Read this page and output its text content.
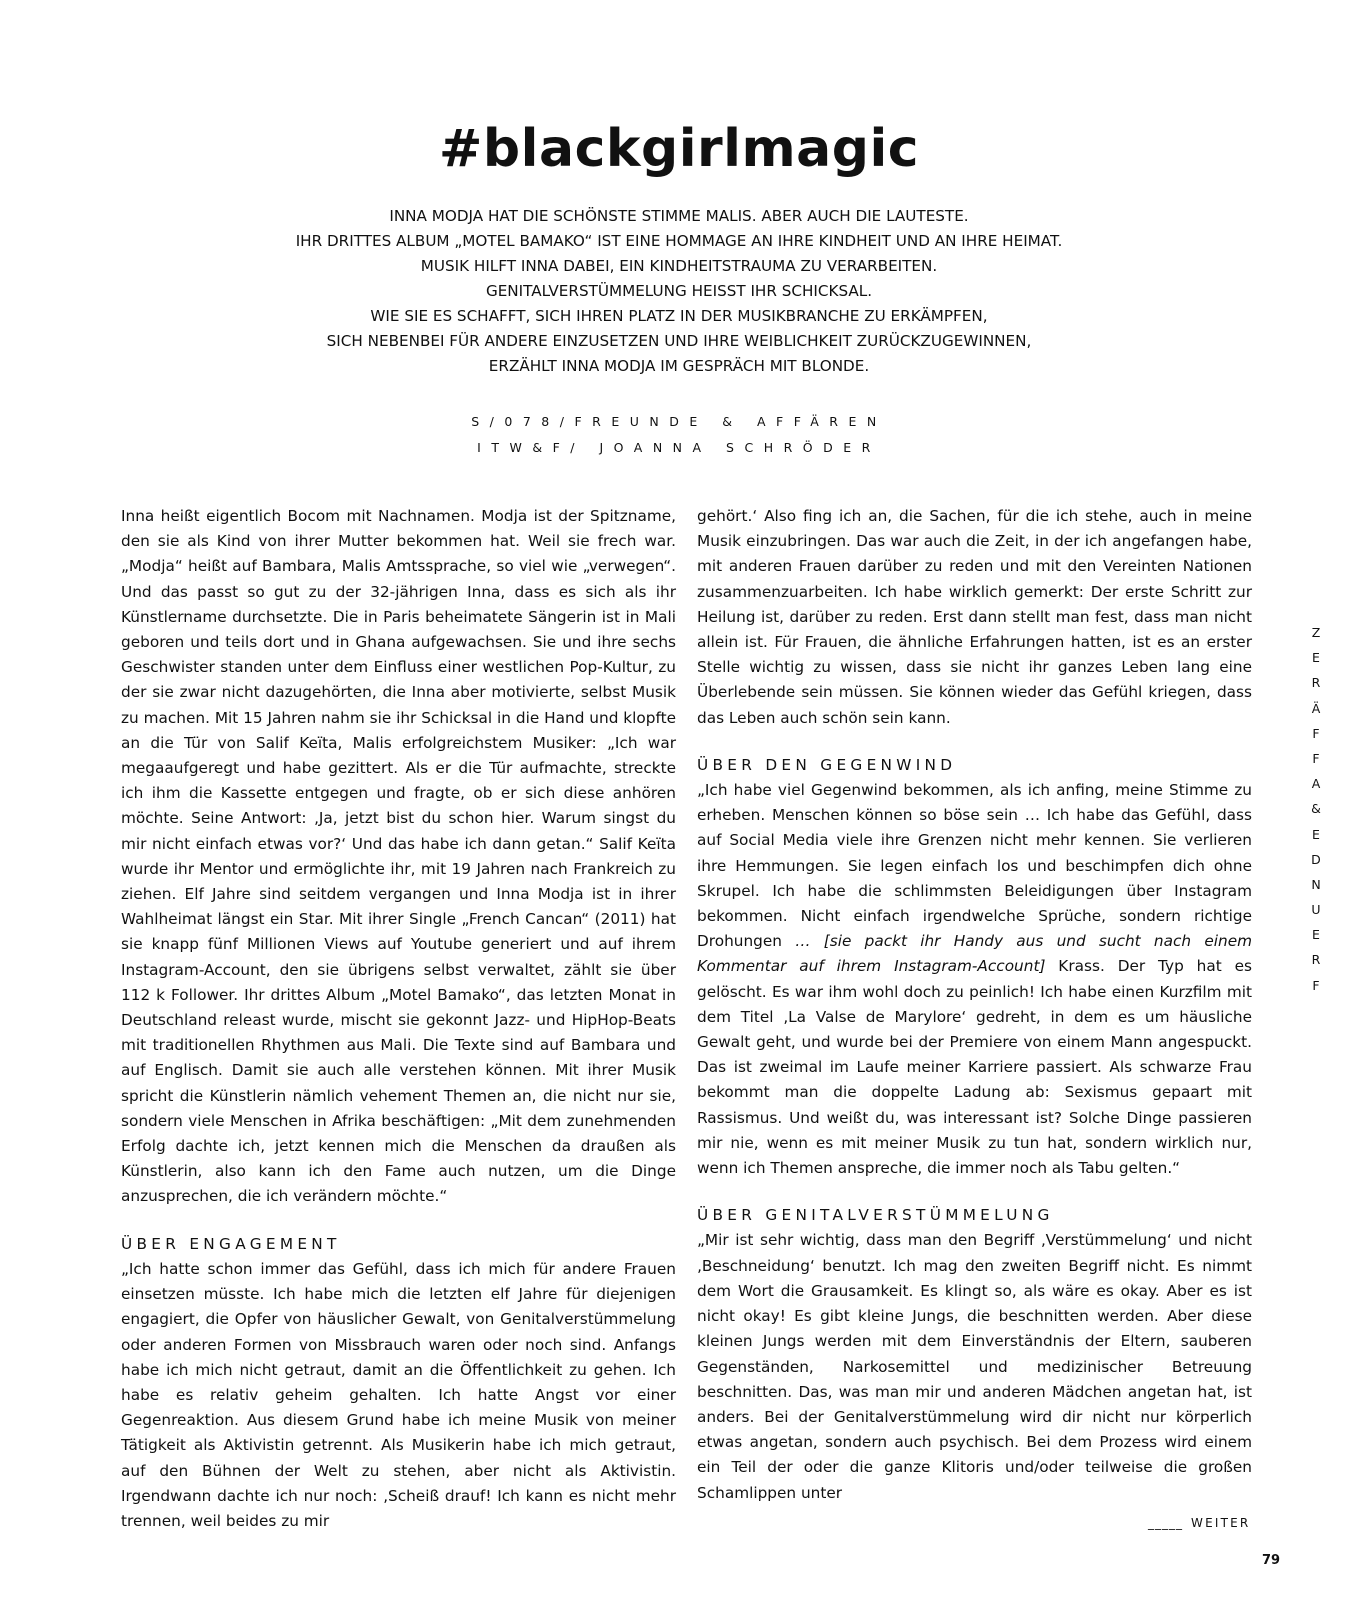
#blackgirlmagic
INNA MODJA HAT DIE SCHÖNSTE STIMME MALIS. ABER AUCH DIE LAUTESTE.
IHR DRITTES ALBUM „MOTEL BAMAKO“ IST EINE HOMMAGE AN IHRE KINDHEIT UND AN IHRE HEIMAT.
MUSIK HILFT INNA DABEI, EIN KINDHEITSTRAUMA ZU VERARBEITEN.
GENITALVERSTÜMMELUNG HEISST IHR SCHICKSAL.
WIE SIE ES SCHAFFT, SICH IHREN PLATZ IN DER MUSIKBRANCHE ZU ERKÄMPFEN,
SICH NEBENBEI FÜR ANDERE EINZUSETZEN UND IHRE WEIBLICHKEIT ZURÜCKZUGEWINNEN,
ERZÄHLT INNA MODJA IM GESPRÄCH MIT BLONDE.
S/078/FREUNDE & AFFÄREN
ITW&F/ JOANNA SCHRÖDER

Inna heißt eigentlich Bocom mit Nachnamen. Modja ist der Spitzname, den sie als Kind von ihrer Mutter bekommen hat. Weil sie frech war. „Modja“ heißt auf Bambara, Malis Amtssprache, so viel wie „verwegen“. Und das passt so gut zu der 32-jährigen Inna, dass es sich als ihr Künstlername durchsetzte. Die in Paris beheimatete Sängerin ist in Mali geboren und teils dort und in Ghana aufgewachsen. Sie und ihre sechs Geschwister standen unter dem Einfluss einer westlichen Pop-Kultur, zu der sie zwar nicht dazugehörten, die Inna aber motivierte, selbst Musik zu machen. Mit 15 Jahren nahm sie ihr Schicksal in die Hand und klopfte an die Tür von Salif Keïta, Malis erfolgreichstem Musiker: „Ich war megaaufgeregt und habe gezittert. Als er die Tür aufmachte, streckte ich ihm die Kassette entgegen und fragte, ob er sich diese anhören möchte. Seine Antwort: ‚Ja, jetzt bist du schon hier. Warum singst du mir nicht einfach etwas vor?‘ Und das habe ich dann getan.“ Salif Keïta wurde ihr Mentor und ermöglichte ihr, mit 19 Jahren nach Frankreich zu ziehen. Elf Jahre sind seitdem vergangen und Inna Modja ist in ihrer Wahlheimat längst ein Star. Mit ihrer Single „French Cancan“ (2011) hat sie knapp fünf Millionen Views auf Youtube generiert und auf ihrem Instagram-Account, den sie übrigens selbst verwaltet, zählt sie über 112 k Follower. Ihr drittes Album „Motel Bamako“, das letzten Monat in Deutschland releast wurde, mischt sie gekonnt Jazz- und HipHop-Beats mit traditionellen Rhythmen aus Mali. Die Texte sind auf Bambara und auf Englisch. Damit sie auch alle verstehen können. Mit ihrer Musik spricht die Künstlerin nämlich vehement Themen an, die nicht nur sie, sondern viele Menschen in Afrika beschäftigen: „Mit dem zunehmenden Erfolg dachte ich, jetzt kennen mich die Menschen da draußen als Künstlerin, also kann ich den Fame auch nutzen, um die Dinge anzusprechen, die ich verändern möchte.“

ÜBER ENGAGEMENT

„Ich hatte schon immer das Gefühl, dass ich mich für andere Frauen einsetzen müsste. Ich habe mich die letzten elf Jahre für diejenigen engagiert, die Opfer von häuslicher Gewalt, von Genitalverstümmelung oder anderen Formen von Missbrauch waren oder noch sind. Anfangs habe ich mich nicht getraut, damit an die Öffentlichkeit zu gehen. Ich habe es relativ geheim gehalten. Ich hatte Angst vor einer Gegenreaktion. Aus diesem Grund habe ich meine Musik von meiner Tätigkeit als Aktivistin getrennt. Als Musikerin habe ich mich getraut, auf den Bühnen der Welt zu stehen, aber nicht als Aktivistin. Irgendwann dachte ich nur noch: ‚Scheiß drauf! Ich kann es nicht mehr trennen, weil beides zu mir

gehört.‘ Also fing ich an, die Sachen, für die ich stehe, auch in meine Musik einzubringen. Das war auch die Zeit, in der ich angefangen habe, mit anderen Frauen darüber zu reden und mit den Vereinten Nationen zusammenzuarbeiten. Ich habe wirklich gemerkt: Der erste Schritt zur Heilung ist, darüber zu reden. Erst dann stellt man fest, dass man nicht allein ist. Für Frauen, die ähnliche Erfahrungen hatten, ist es an erster Stelle wichtig zu wissen, dass sie nicht ihr ganzes Leben lang eine Überlebende sein müssen. Sie können wieder das Gefühl kriegen, dass das Leben auch schön sein kann.

ÜBER DEN GEGENWIND

„Ich habe viel Gegenwind bekommen, als ich anfing, meine Stimme zu erheben. Menschen können so böse sein … Ich habe das Gefühl, dass auf Social Media viele ihre Grenzen nicht mehr kennen. Sie verlieren ihre Hemmungen. Sie legen einfach los und beschimpfen dich ohne Skrupel. Ich habe die schlimmsten Beleidigungen über Instagram bekommen. Nicht einfach irgendwelche Sprüche, sondern richtige Drohungen … [sie packt ihr Handy aus und sucht nach einem Kommentar auf ihrem Instagram-Account] Krass. Der Typ hat es gelöscht. Es war ihm wohl doch zu peinlich! Ich habe einen Kurzfilm mit dem Titel ‚La Valse de Marylore‘ gedreht, in dem es um häusliche Gewalt geht, und wurde bei der Premiere von einem Mann angespuckt. Das ist zweimal im Laufe meiner Karriere passiert. Als schwarze Frau bekommt man die doppelte Ladung ab: Sexismus gepaart mit Rassismus. Und weißt du, was interessant ist? Solche Dinge passieren mir nie, wenn es mit meiner Musik zu tun hat, sondern wirklich nur, wenn ich Themen anspreche, die immer noch als Tabu gelten.“

ÜBER GENITALVERSTÜMMELUNG

„Mir ist sehr wichtig, dass man den Begriff ‚Verstümmelung‘ und nicht ‚Beschneidung‘ benutzt. Ich mag den zweiten Begriff nicht. Es nimmt dem Wort die Grausamkeit. Es klingt so, als wäre es okay. Aber es ist nicht okay! Es gibt kleine Jungs, die beschnitten werden. Aber diese kleinen Jungs werden mit dem Einverständnis der Eltern, sauberen Gegenständen, Narkosemittel und medizinischer Betreuung beschnitten. Das, was man mir und anderen Mädchen angetan hat, ist anders. Bei der Genitalverstümmelung wird dir nicht nur körperlich etwas angetan, sondern auch psychisch. Bei dem Prozess wird einem ein Teil der oder die ganze Klitoris und/oder teilweise die großen Schamlippen unter

Z
E
R
Ä
F
F
A
&
E
D
N
U
E
R
F
_____ WEITER
79
